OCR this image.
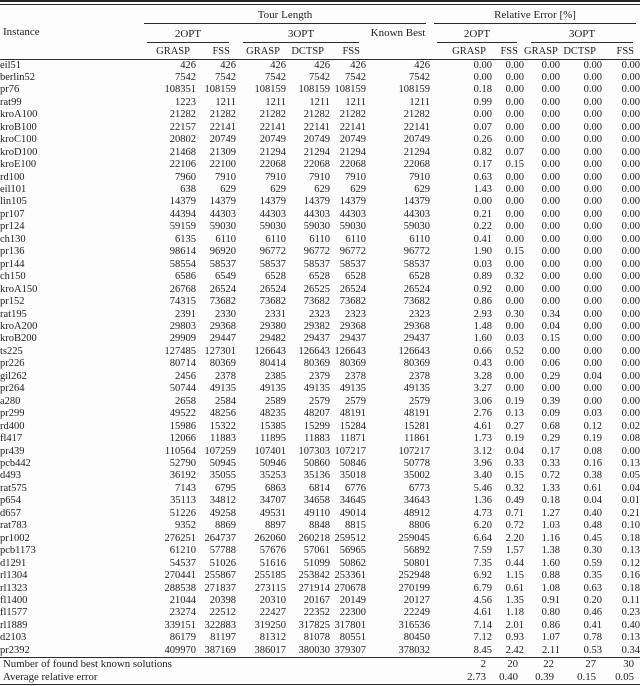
Instance	Tour Length						Relative Error [%]				

	2OPT		3OPT			Known Best	2OPT		3OPT		

	GRASP	FSS	GRASP	DCTSP	FSS		GRASP	FSS	GRASP	DCTSP	FSS
eil51	426	426	426	426	426	426	0.00	0.00	0.00	0.00	0.00
berlin52	7542	7542	7542	7542	7542	7542	0.00	0.00	0.00	0.00	0.00
pr76	108351	108159	108159	108159	108159	108159	0.18	0.00	0.00	0.00	0.00
rat99	1223	1211	1211	1211	1211	1211	0.99	0.00	0.00	0.00	0.00
kroA100	21282	21282	21282	21282	21282	21282	0.00	0.00	0.00	0.00	0.00
kroB100	22157	22141	22141	22141	22141	22141	0.07	0.00	0.00	0.00	0.00
kroC100	20802	20749	20749	20749	20749	20749	0.26	0.00	0.00	0.00	0.00
kroD100	21468	21309	21294	21294	21294	21294	0.82	0.07	0.00	0.00	0.00
kroE100	22106	22100	22068	22068	22068	22068	0.17	0.15	0.00	0.00	0.00
rd100	7960	7910	7910	7910	7910	7910	0.63	0.00	0.00	0.00	0.00
eil101	638	629	629	629	629	629	1.43	0.00	0.00	0.00	0.00
lin105	14379	14379	14379	14379	14379	14379	0.00	0.00	0.00	0.00	0.00
pr107	44394	44303	44303	44303	44303	44303	0.21	0.00	0.00	0.00	0.00
pr124	59159	59030	59030	59030	59030	59030	0.22	0.00	0.00	0.00	0.00
ch130	6135	6110	6110	6110	6110	6110	0.41	0.00	0.00	0.00	0.00
pr136	98614	96920	96772	96772	96772	96772	1.90	0.15	0.00	0.00	0.00
pr144	58554	58537	58537	58537	58537	58537	0.03	0.00	0.00	0.00	0.00
ch150	6586	6549	6528	6528	6528	6528	0.89	0.32	0.00	0.00	0.00
kroA150	26768	26524	26524	26525	26524	26524	0.92	0.00	0.00	0.00	0.00
pr152	74315	73682	73682	73682	73682	73682	0.86	0.00	0.00	0.00	0.00
rat195	2391	2330	2331	2323	2323	2323	2.93	0.30	0.34	0.00	0.00
kroA200	29803	29368	29380	29382	29368	29368	1.48	0.00	0.04	0.00	0.00
kroB200	29909	29447	29482	29437	29437	29437	1.60	0.03	0.15	0.00	0.00
ts225	127485	127301	126643	126643	126643	126643	0.66	0.52	0.00	0.00	0.00
pr226	80714	80369	80414	80369	80369	80369	0.43	0.00	0.06	0.00	0.00
gil262	2456	2378	2385	2379	2378	2378	3.28	0.00	0.29	0.04	0.00
pr264	50744	49135	49135	49135	49135	49135	3.27	0.00	0.00	0.00	0.00
a280	2658	2584	2589	2579	2579	2579	3.06	0.19	0.39	0.00	0.00
pr299	49522	48256	48235	48207	48191	48191	2.76	0.13	0.09	0.03	0.00
rd400	15986	15322	15385	15299	15284	15281	4.61	0.27	0.68	0.12	0.02
fl417	12066	11883	11895	11883	11871	11861	1.73	0.19	0.29	0.19	0.08
pr439	110564	107259	107401	107303	107217	107217	3.12	0.04	0.17	0.08	0.00
pcb442	52790	50945	50946	50860	50846	50778	3.96	0.33	0.33	0.16	0.13
d493	36192	35055	35253	35136	35018	35002	3.40	0.15	0.72	0.38	0.05
rat575	7143	6795	6863	6814	6776	6773	5.46	0.32	1.33	0.61	0.04
p654	35113	34812	34707	34658	34645	34643	1.36	0.49	0.18	0.04	0.01
d657	51226	49258	49531	49110	49014	48912	4.73	0.71	1.27	0.40	0.21
rat783	9352	8869	8897	8848	8815	8806	6.20	0.72	1.03	0.48	0.10
pr1002	276251	264737	262060	260218	259512	259045	6.64	2.20	1.16	0.45	0.18
pcb1173	61210	57788	57676	57061	56965	56892	7.59	1.57	1.38	0.30	0.13
d1291	54537	51026	51616	51099	50862	50801	7.35	0.44	1.60	0.59	0.12
rl1304	270441	255867	255185	253842	253361	252948	6.92	1.15	0.88	0.35	0.16
rl1323	288538	271837	273115	271914	270678	270199	6.79	0.61	1.08	0.63	0.18
fl1400	21044	20398	20310	20167	20149	20127	4.56	1.35	0.91	0.20	0.11
fl1577	23274	22512	22427	22352	22300	22249	4.61	1.18	0.80	0.46	0.23
rl1889	339151	322883	319250	317825	317801	316536	7.14	2.01	0.86	0.41	0.40
d2103	86179	81197	81312	81078	80551	80450	7.12	0.93	1.07	0.78	0.13
pr2392	409970	387169	386017	380030	379307	378032	8.45	2.42	2.11	0.53	0.34
Number of found best known solutions							2	20	22	27	30
Average relative error							2.73	0.40	0.39	0.15	0.05
